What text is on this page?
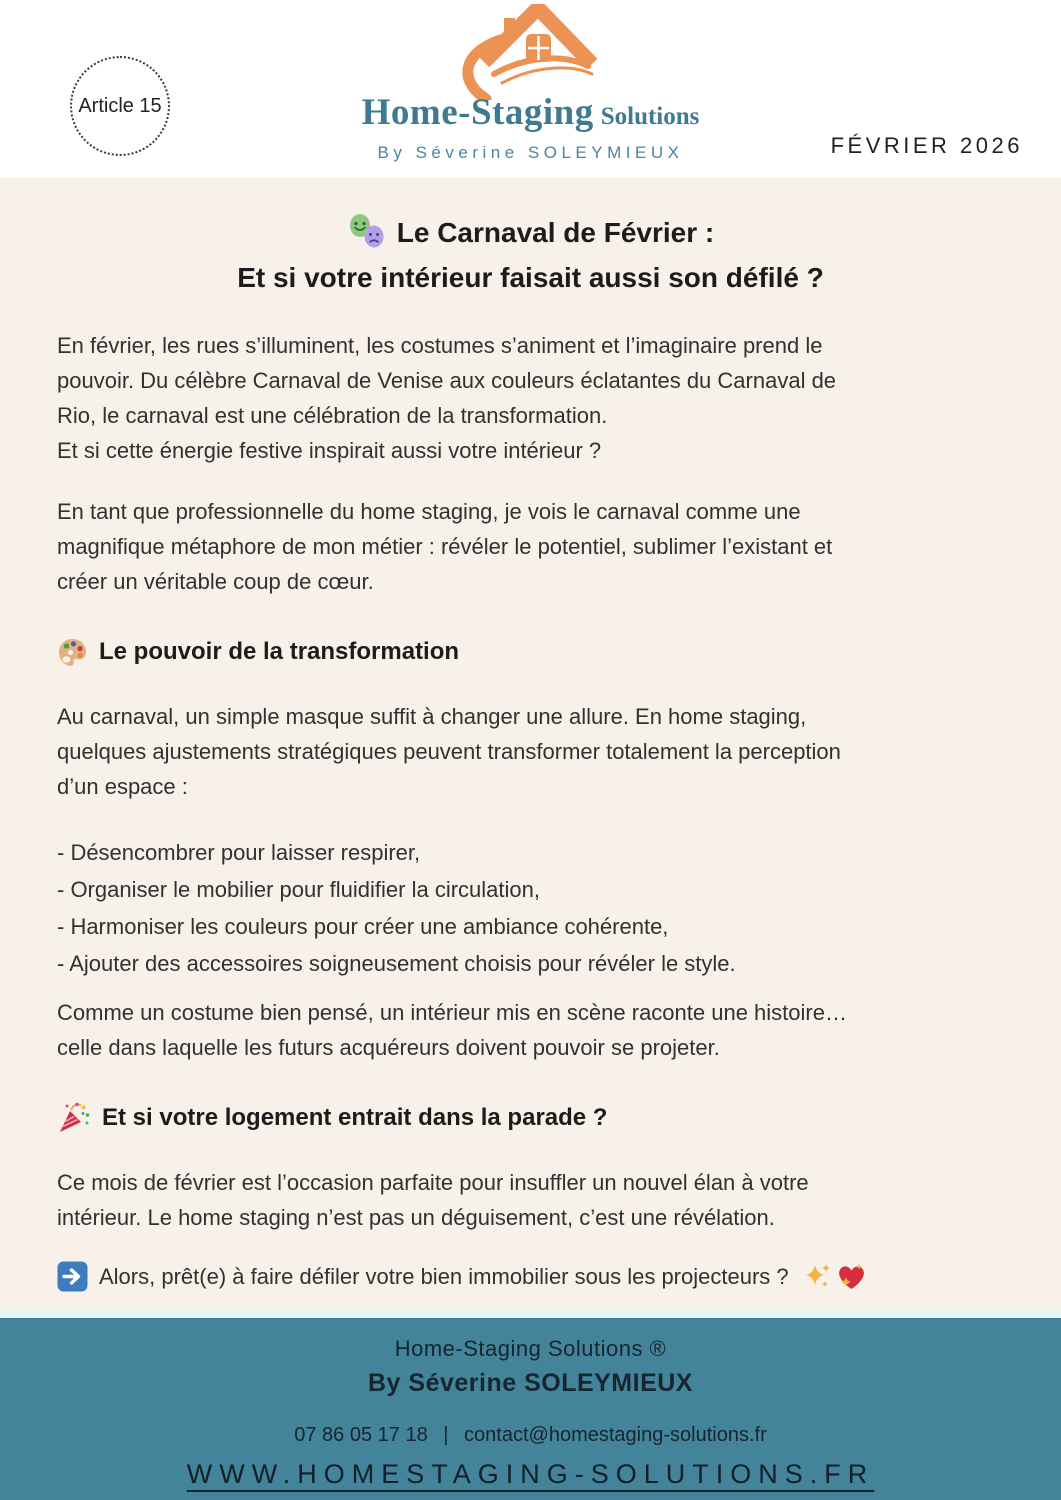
Article 15	Home-Staging Solutions
By Séverine SOLEYMIEUX	FÉVRIER 2026
Le Carnaval de Février :
Et si votre intérieur faisait aussi son défilé ?
En février, les rues s’illuminent, les costumes s’animent et l’imaginaire prend le
pouvoir. Du célèbre Carnaval de Venise aux couleurs éclatantes du Carnaval de
Rio, le carnaval est une célébration de la transformation.
Et si cette énergie festive inspirait aussi votre intérieur ?
En tant que professionnelle du home staging, je vois le carnaval comme une
magnifique métaphore de mon métier : révéler le potentiel, sublimer l’existant et
créer un véritable coup de cœur.
Le pouvoir de la transformation
Au carnaval, un simple masque suffit à changer une allure. En home staging,
quelques ajustements stratégiques peuvent transformer totalement la perception
d’un espace :
- Désencombrer pour laisser respirer,
- Organiser le mobilier pour fluidifier la circulation,
- Harmoniser les couleurs pour créer une ambiance cohérente,
- Ajouter des accessoires soigneusement choisis pour révéler le style.
Comme un costume bien pensé, un intérieur mis en scène raconte une histoire…
celle dans laquelle les futurs acquéreurs doivent pouvoir se projeter.
Et si votre logement entrait dans la parade ?
Ce mois de février est l’occasion parfaite pour insuffler un nouvel élan à votre
intérieur. Le home staging n’est pas un déguisement, c’est une révélation.
Alors, prêt(e) à faire défiler votre bien immobilier sous les projecteurs ?
Home-Staging Solutions ®
By Séverine SOLEYMIEUX
07 86 05 17 18 | contact@homestaging-solutions.fr
WWW.HOMESTAGING-SOLUTIONS.FR
